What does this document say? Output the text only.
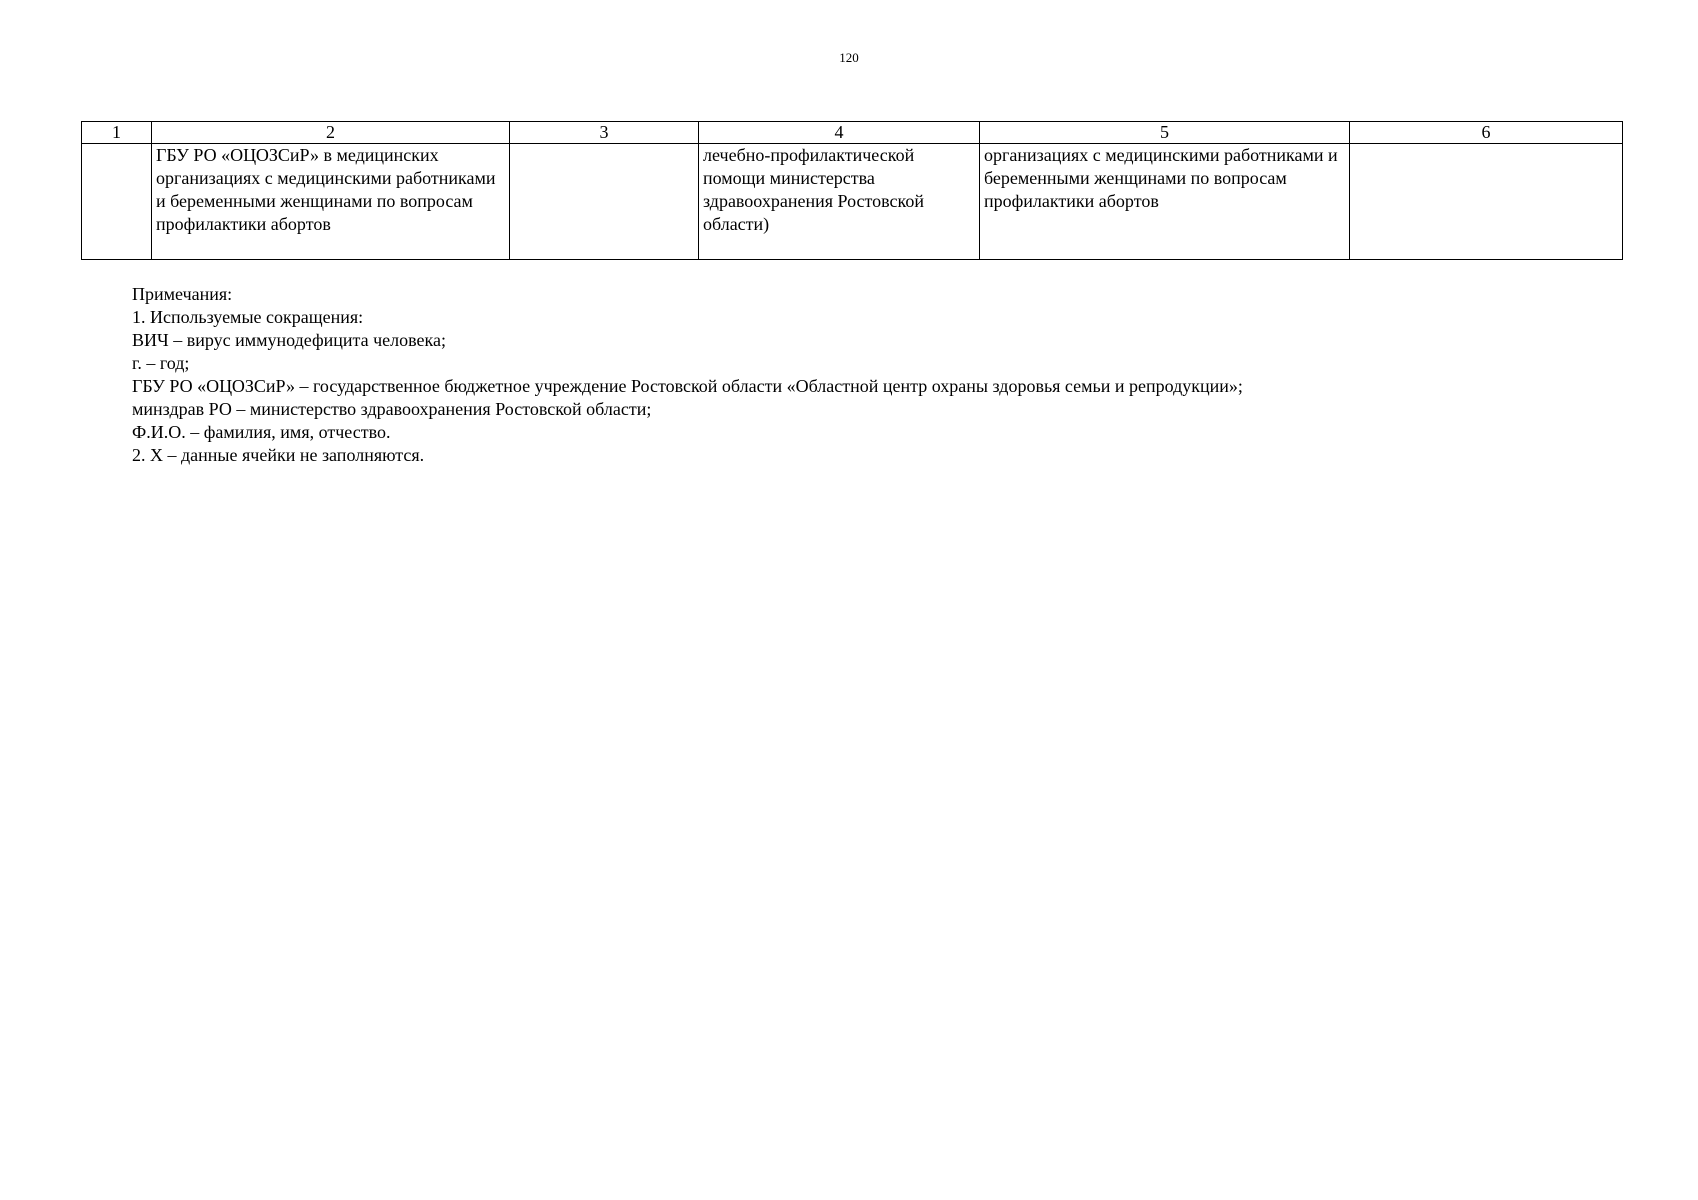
120
1	2	3	4	5	6
	ГБУ РО «ОЦОЗСиР» в медицинских организациях с медицинскими работниками и беременными женщинами по вопросам профилактики абортов		лечебно-профилактической помощи министерства здравоохранения Ростовской области)	организациях с медицинскими работниками и беременными женщинами по вопросам профилактики абортов	
Примечания:
1. Используемые сокращения:
ВИЧ – вирус иммунодефицита человека;
г. – год;
ГБУ РО «ОЦОЗСиР» – государственное бюджетное учреждение Ростовской области «Областной центр охраны здоровья семьи и репродукции»;
минздрав РО – министерство здравоохранения Ростовской области;
Ф.И.О. – фамилия, имя, отчество.
2. Х – данные ячейки не заполняются.
